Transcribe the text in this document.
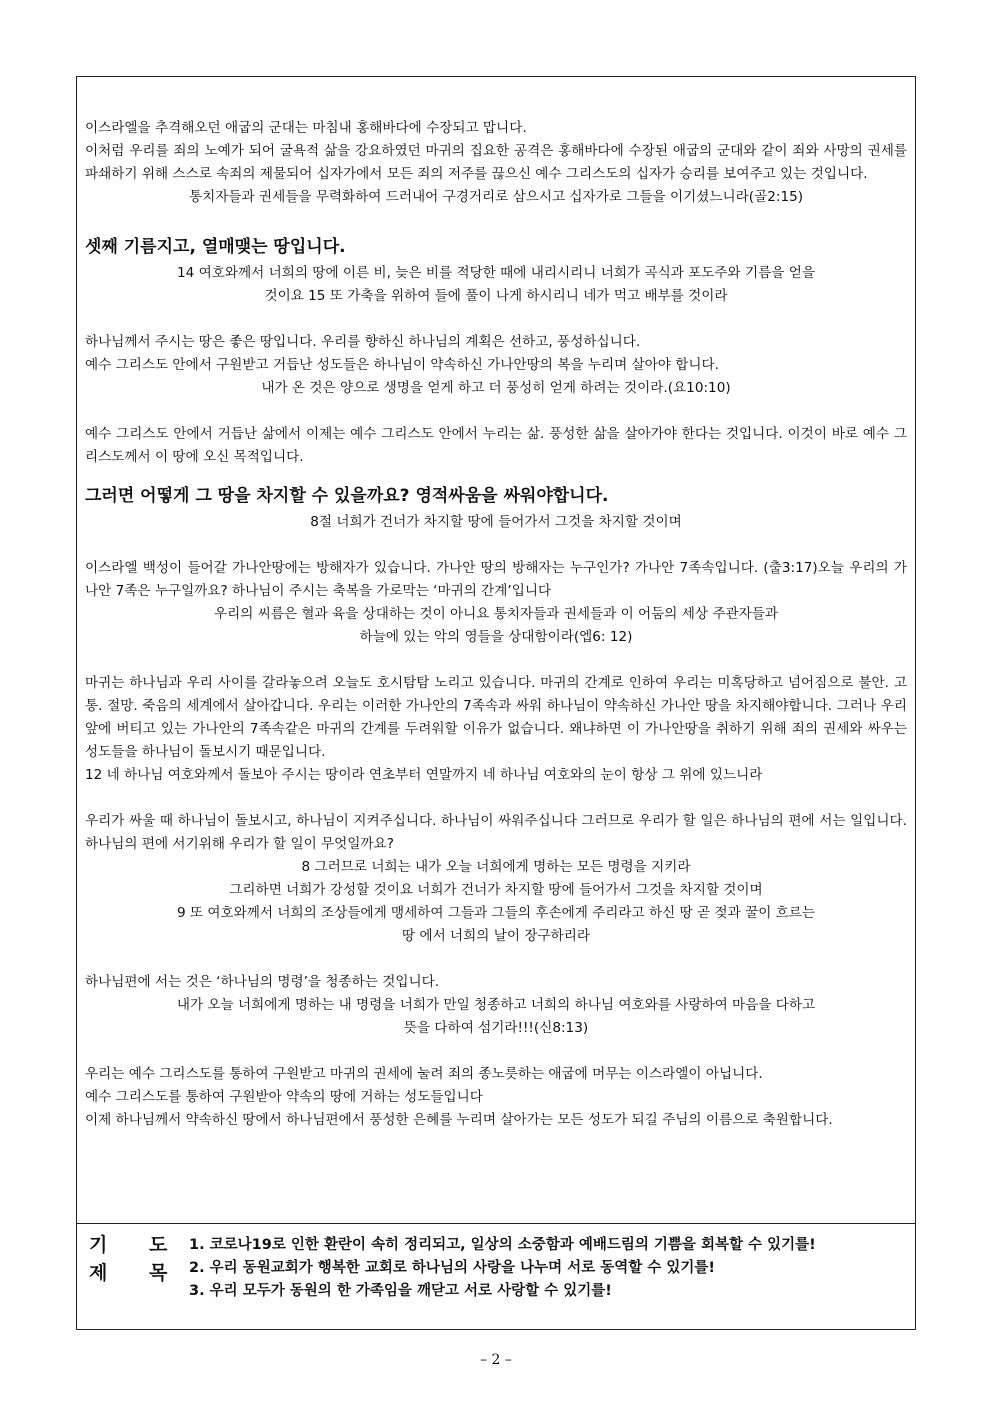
이스라엘을 추격해오던 애굽의 군대는 마침내 홍해바다에 수장되고 맙니다.

이처럼 우리를 죄의 노예가 되어 굴욕적 삶을 강요하였던 마귀의 집요한 공격은 홍해바다에 수장된 애굽의 군대와 같이 죄와 사망의 권세를 파쇄하기 위해 스스로 속죄의 제물되어 십자가에서 모든 죄의 저주를 끊으신 예수 그리스도의 십자가 승리를 보여주고 있는 것입니다.

통치자들과 권세들을 무력화하여 드러내어 구경거리로 삼으시고 십자가로 그들을 이기셨느니라(골2:15)

셋째 기름지고, 열매맺는 땅입니다.

14 여호와께서 너희의 땅에 이른 비, 늦은 비를 적당한 때에 내리시리니 너희가 곡식과 포도주와 기름을 얻을

것이요 15 또 가축을 위하여 들에 풀이 나게 하시리니 네가 먹고 배부를 것이라

하나님께서 주시는 땅은 좋은 땅입니다. 우리를 향하신 하나님의 계획은 선하고, 풍성하십니다.

예수 그리스도 안에서 구원받고 거듭난 성도들은 하나님이 약속하신 가나안땅의 복을 누리며 살아야 합니다.

내가 온 것은 양으로 생명을 얻게 하고 더 풍성히 얻게 하려는 것이라.(요10:10)

예수 그리스도 안에서 거듭난 삶에서 이제는 예수 그리스도 안에서 누리는 삶. 풍성한 삶을 살아가야 한다는 것입니다. 이것이 바로 예수 그리스도께서 이 땅에 오신 목적입니다.

그러면 어떻게 그 땅을 차지할 수 있을까요? 영적싸움을 싸워야합니다.

8절 너희가 건너가 차지할 땅에 들어가서 그것을 차지할 것이며

이스라엘 백성이 들어갈 가나안땅에는 방해자가 있습니다. 가나안 땅의 방해자는 누구인가? 가나안 7족속입니다. (출3:17)오늘 우리의 가나안 7족은 누구일까요? 하나님이 주시는 축복을 가로막는 ‘마귀의 간계’입니다

우리의 씨름은 혈과 육을 상대하는 것이 아니요 통치자들과 권세들과 이 어둠의 세상 주관자들과

하늘에 있는 악의 영들을 상대함이라(엡6: 12)

마귀는 하나님과 우리 사이를 갈라놓으려 오늘도 호시탐탐 노리고 있습니다. 마귀의 간계로 인하여 우리는 미혹당하고 넘어짐으로 불안. 고통. 절망. 죽음의 세계에서 살아갑니다. 우리는 이러한 가나안의 7족속과 싸워 하나님이 약속하신 가나안 땅을 차지해야합니다. 그러나 우리앞에 버티고 있는 가나안의 7족속같은 마귀의 간계를 두려워할 이유가 없습니다. 왜냐하면 이 가나안땅을 취하기 위해 죄의 권세와 싸우는 성도들을 하나님이 돌보시기 때문입니다.

12 네 하나님 여호와께서 돌보아 주시는 땅이라 연초부터 연말까지 네 하나님 여호와의 눈이 항상 그 위에 있느니라

우리가 싸울 때 하나님이 돌보시고, 하나님이 지켜주십니다. 하나님이 싸워주십니다 그러므로 우리가 할 일은 하나님의 편에 서는 일입니다. 하나님의 편에 서기위해 우리가 할 일이 무엇일까요?

8 그러므로 너희는 내가 오늘 너희에게 명하는 모든 명령을 지키라

그리하면 너희가 강성할 것이요 너희가 건너가 차지할 땅에 들어가서 그것을 차지할 것이며

9 또 여호와께서 너희의 조상들에게 맹세하여 그들과 그들의 후손에게 주리라고 하신 땅 곧 젖과 꿀이 흐르는

땅 에서 너희의 날이 장구하리라

하나님편에 서는 것은 ‘하나님의 명령’을 청종하는 것입니다.

내가 오늘 너희에게 명하는 내 명령을 너희가 만일 청종하고 너희의 하나님 여호와를 사랑하여 마음을 다하고

뜻을 다하여 섬기라!!!(신8:13)

우리는 예수 그리스도를 통하여 구원받고 마귀의 권세에 눌려 죄의 종노릇하는 애굽에 머무는 이스라엘이 아닙니다.

예수 그리스도를 통하여 구원받아 약속의 땅에 거하는 성도들입니다

이제 하나님께서 약속하신 땅에서 하나님편에서 풍성한 은혜를 누리며 살아가는 모든 성도가 되길 주님의 이름으로 축원합니다.

기 도
제 목

1. 코로나19로 인한 환란이 속히 정리되고, 일상의 소중함과 예배드림의 기쁨을 회복할 수 있기를!

2. 우리 동원교회가 행복한 교회로 하나님의 사랑을 나누며 서로 동역할 수 있기를!

3. 우리 모두가 동원의 한 가족임을 깨닫고 서로 사랑할 수 있기를!

– 2 –
